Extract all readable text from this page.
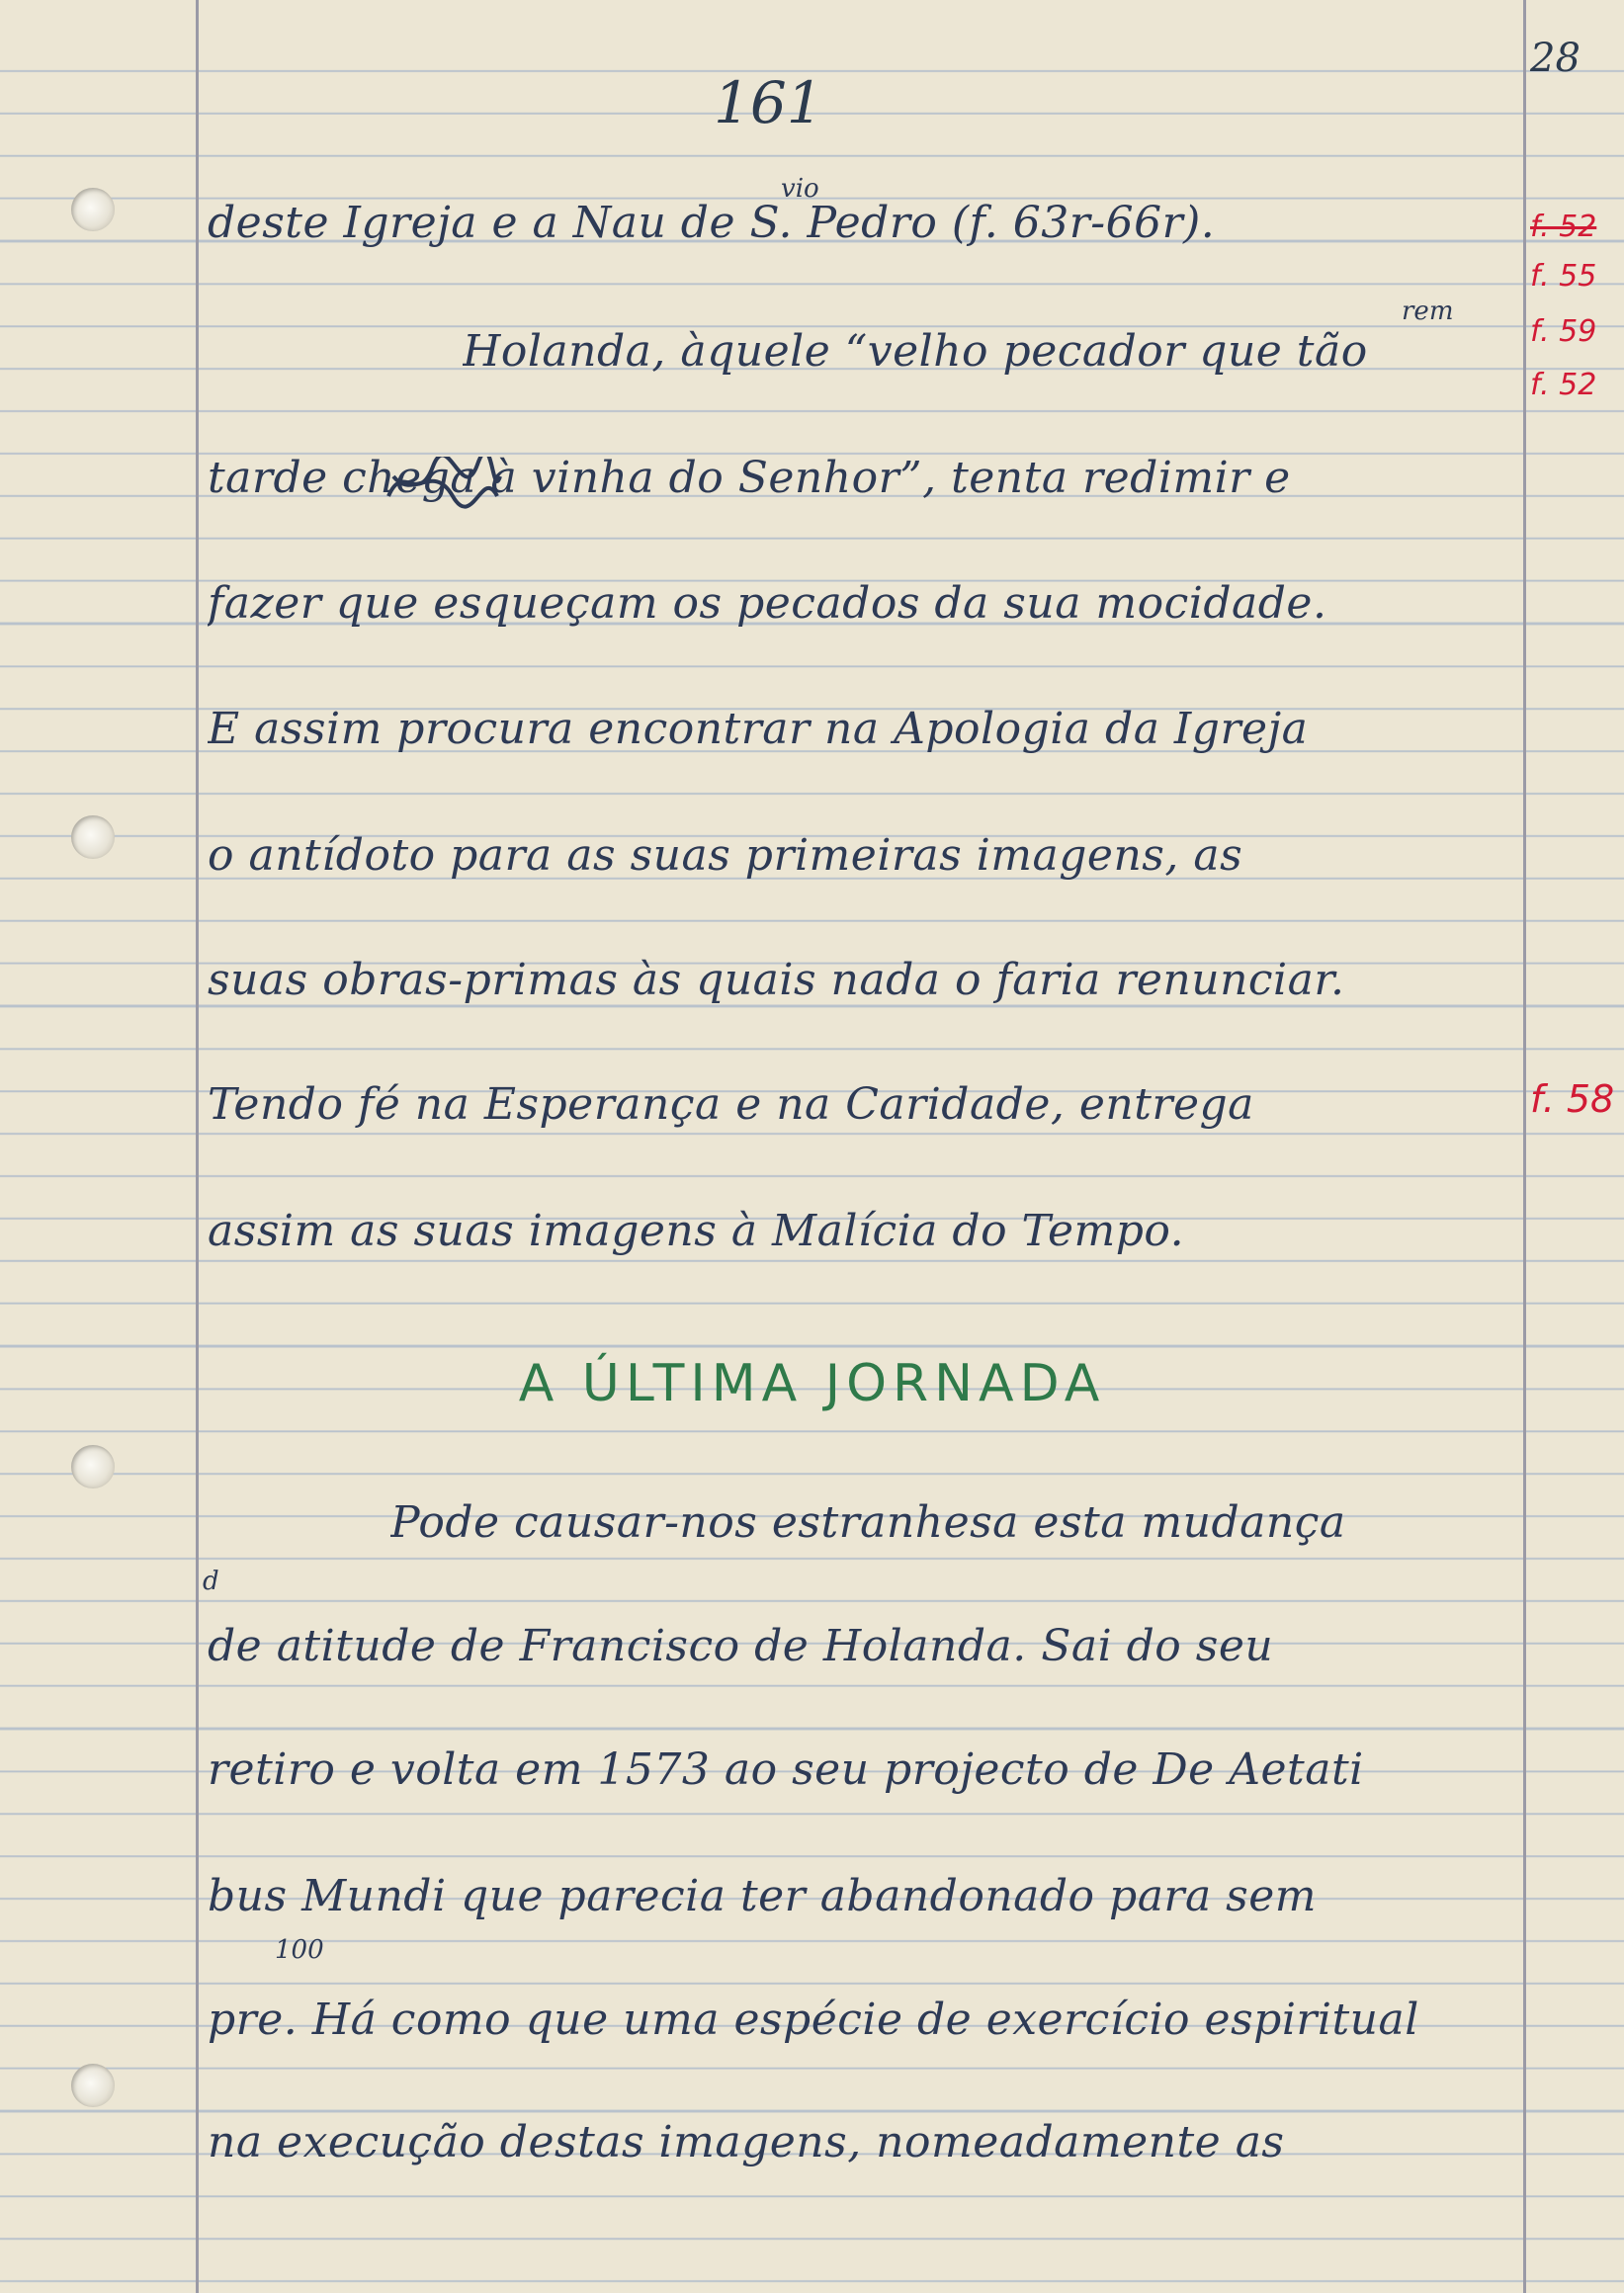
161
28
deste Igreja e a Nau de S. Pedro (f. 63r-66r).
vio
Holanda, àquele “velho pecador que tão
rem
tarde chega à vinha do Senhor”, tenta redimir e
fazer que esqueçam os pecados da sua mocidade.
E assim procura encontrar na Apologia da Igreja
o antídoto para as suas primeiras imagens, as
suas obras-primas às quais nada o faria renunciar.
Tendo fé na Esperança e na Caridade, entrega
assim as suas imagens à Malícia do Tempo.
A ÚLTIMA JORNADA
Pode causar-nos estranhesa esta mudança
d
de atitude de Francisco de Holanda. Sai do seu
retiro e volta em 1573 ao seu projecto de De Aetati
bus Mundi que parecia ter abandonado para sem
100
pre. Há como que uma espécie de exercício espiritual
na execução destas imagens, nomeadamente as
f. 52
f. 55
f. 59
f. 52
f. 58
